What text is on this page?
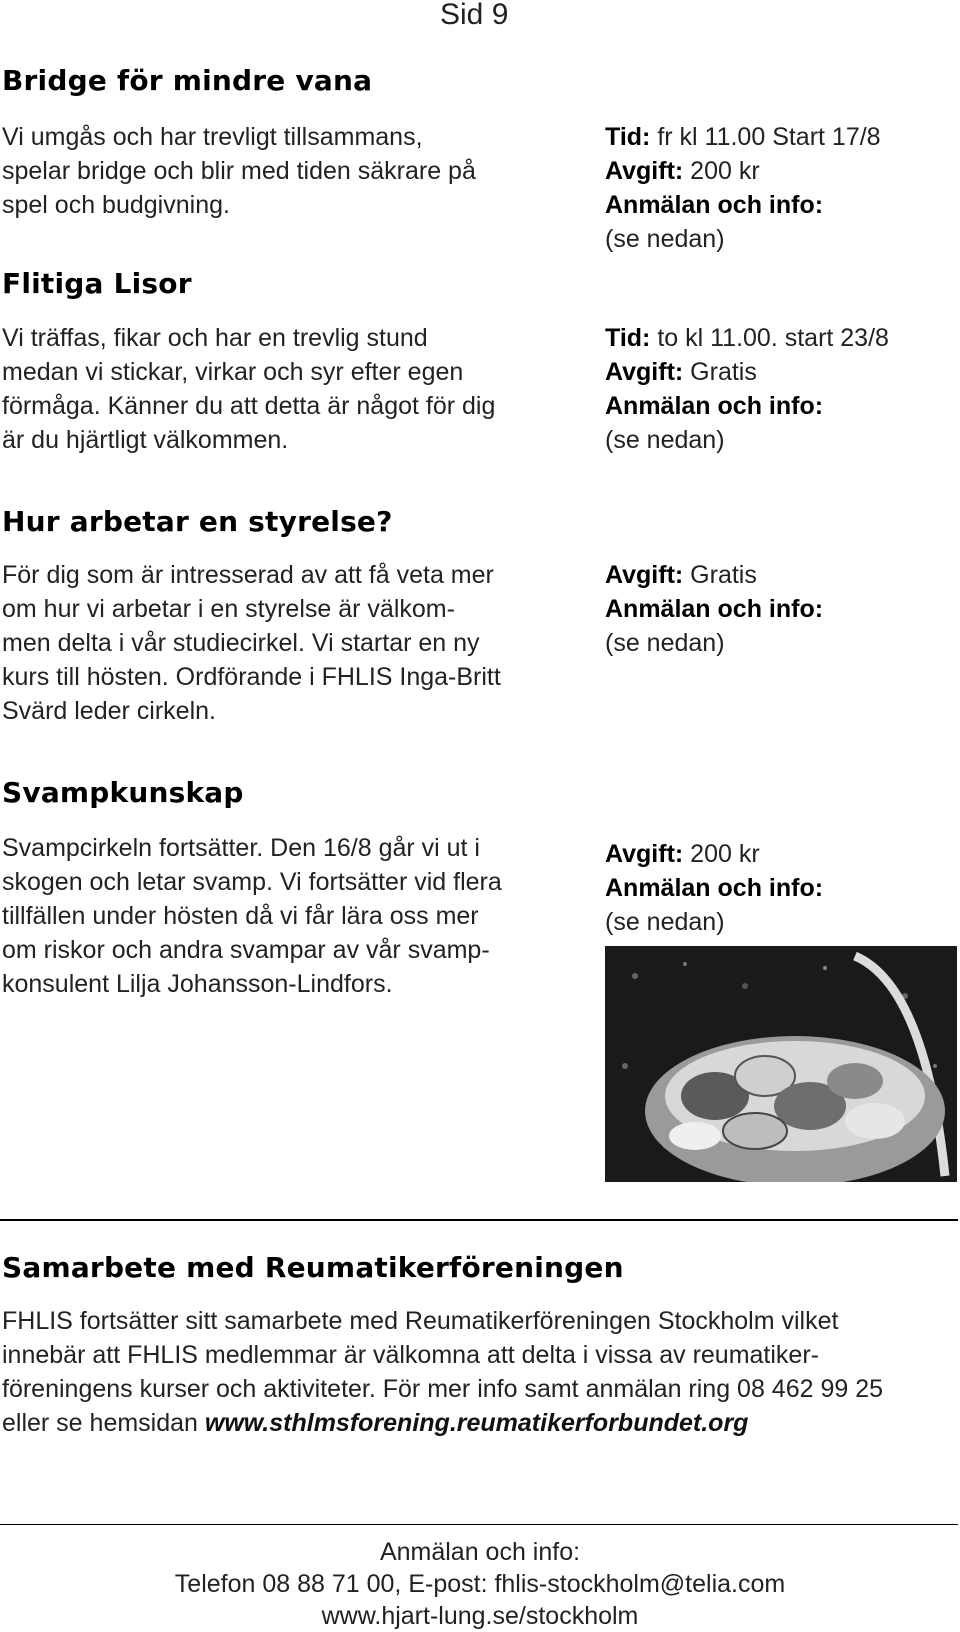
Sid 9
Bridge för mindre vana

Vi umgås och har trevligt tillsammans,
spelar bridge och blir med tiden säkrare på
spel och budgivning.

Tid: fr kl 11.00 Start 17/8
Avgift: 200 kr
Anmälan och info:
(se nedan)
Flitiga Lisor

Vi träffas, fikar och har en trevlig stund
medan vi stickar, virkar och syr efter egen
förmåga. Känner du att detta är något för dig
är du hjärtligt välkommen.

Tid: to kl 11.00. start 23/8
Avgift: Gratis
Anmälan och info:
(se nedan)
Hur arbetar en styrelse?

För dig som är intresserad av att få veta mer
om hur vi arbetar i en styrelse är välkom-
men delta i vår studiecirkel. Vi startar en ny
kurs till hösten. Ordförande i FHLIS Inga-Britt
Svärd leder cirkeln.

Avgift: Gratis
Anmälan och info:
(se nedan)
Svampkunskap

Svampcirkeln fortsätter. Den 16/8 går vi ut i
skogen och letar svamp. Vi fortsätter vid flera
tillfällen under hösten då vi får lära oss mer
om riskor och andra svampar av vår svamp-
konsulent Lilja Johansson-Lindfors.

Avgift: 200 kr
Anmälan och info:
(se nedan)
Samarbete med Reumatikerföreningen

FHLIS fortsätter sitt samarbete med Reumatikerföreningen Stockholm vilket
innebär att FHLIS medlemmar är välkomna att delta i vissa av reumatiker-
föreningens kurser och aktiviteter. För mer info samt anmälan ring 08 462 99 25
eller se hemsidan www.sthlmsforening.reumatikerforbundet.org

Anmälan och info:
Telefon 08 88 71 00, E-post: fhlis-stockholm@telia.com
www.hjart-lung.se/stockholm
